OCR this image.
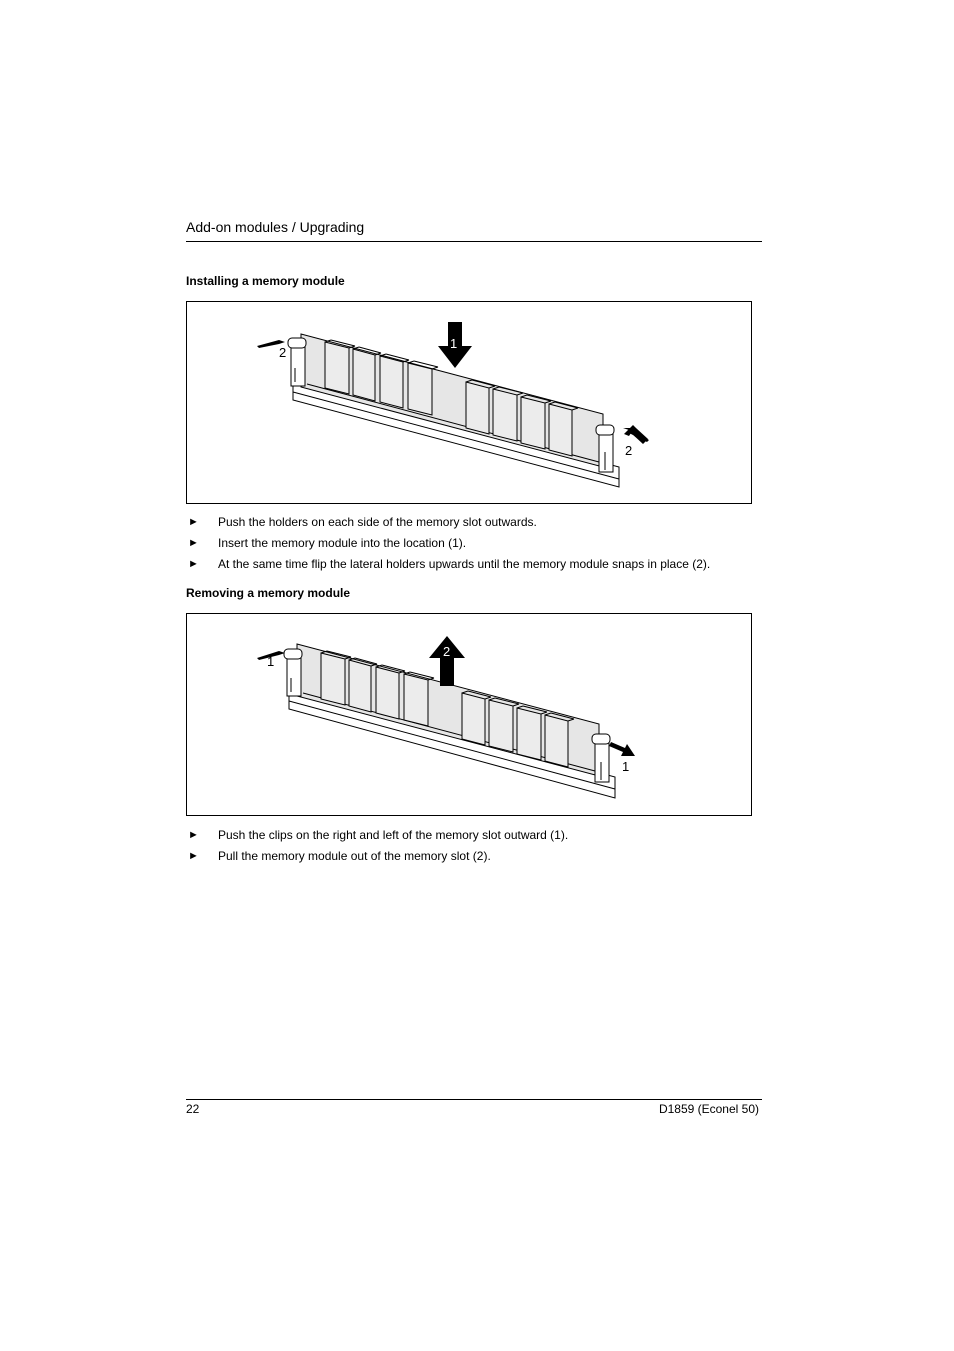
Add-on modules / Upgrading
Installing a memory module
1
2
2
► Push the holders on each side of the memory slot outwards.
► Insert the memory module into the location (1).
► At the same time flip the lateral holders upwards until the memory module snaps in place (2).
Removing a memory module
2
1
1
► Push the clips on the right and left of the memory slot outward (1).
► Pull the memory module out of the memory slot (2).
22	D1859 (Econel 50)
